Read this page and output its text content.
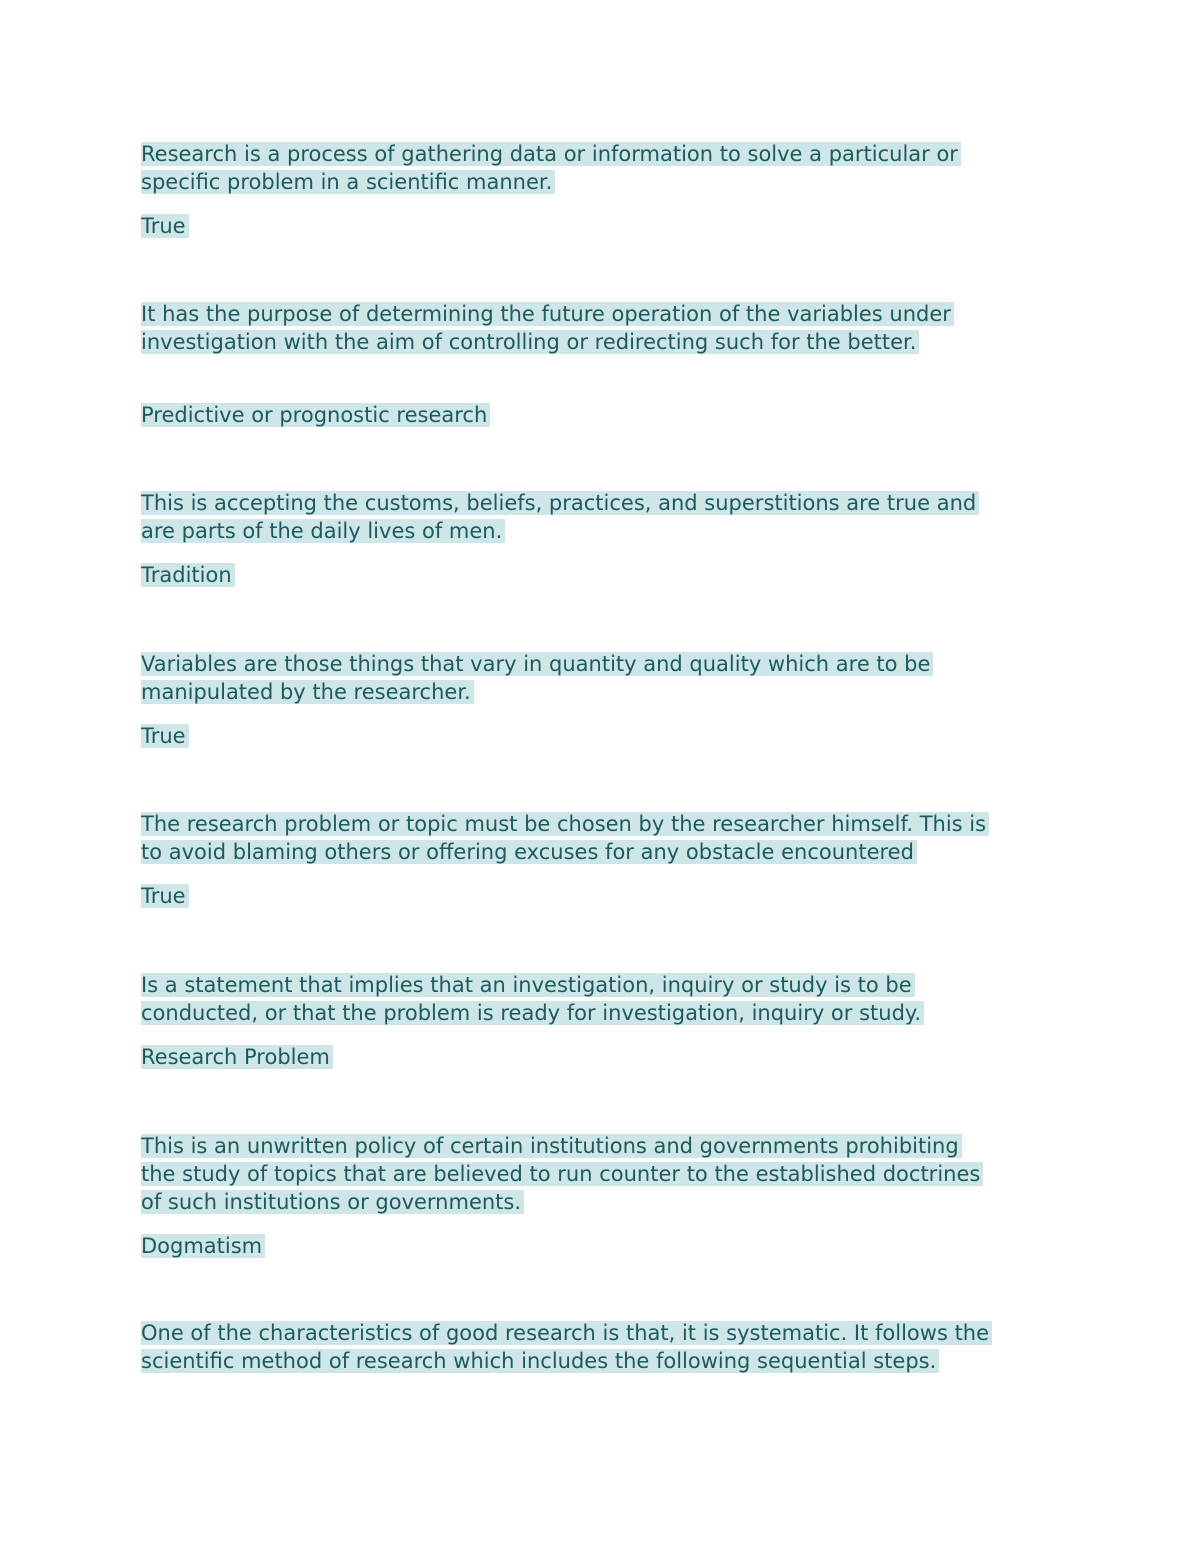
Research is a process of gathering data or information to solve a particular or
specific problem in a scientific manner.
True
It has the purpose of determining the future operation of the variables under
investigation with the aim of controlling or redirecting such for the better.
Predictive or prognostic research
This is accepting the customs, beliefs, practices, and superstitions are true and
are parts of the daily lives of men.
Tradition
Variables are those things that vary in quantity and quality which are to be
manipulated by the researcher.
True
The research problem or topic must be chosen by the researcher himself. This is
to avoid blaming others or offering excuses for any obstacle encountered
True
Is a statement that implies that an investigation, inquiry or study is to be
conducted, or that the problem is ready for investigation, inquiry or study.
Research Problem
This is an unwritten policy of certain institutions and governments prohibiting
the study of topics that are believed to run counter to the established doctrines
of such institutions or governments.
Dogmatism
One of the characteristics of good research is that, it is systematic. It follows the
scientific method of research which includes the following sequential steps.
